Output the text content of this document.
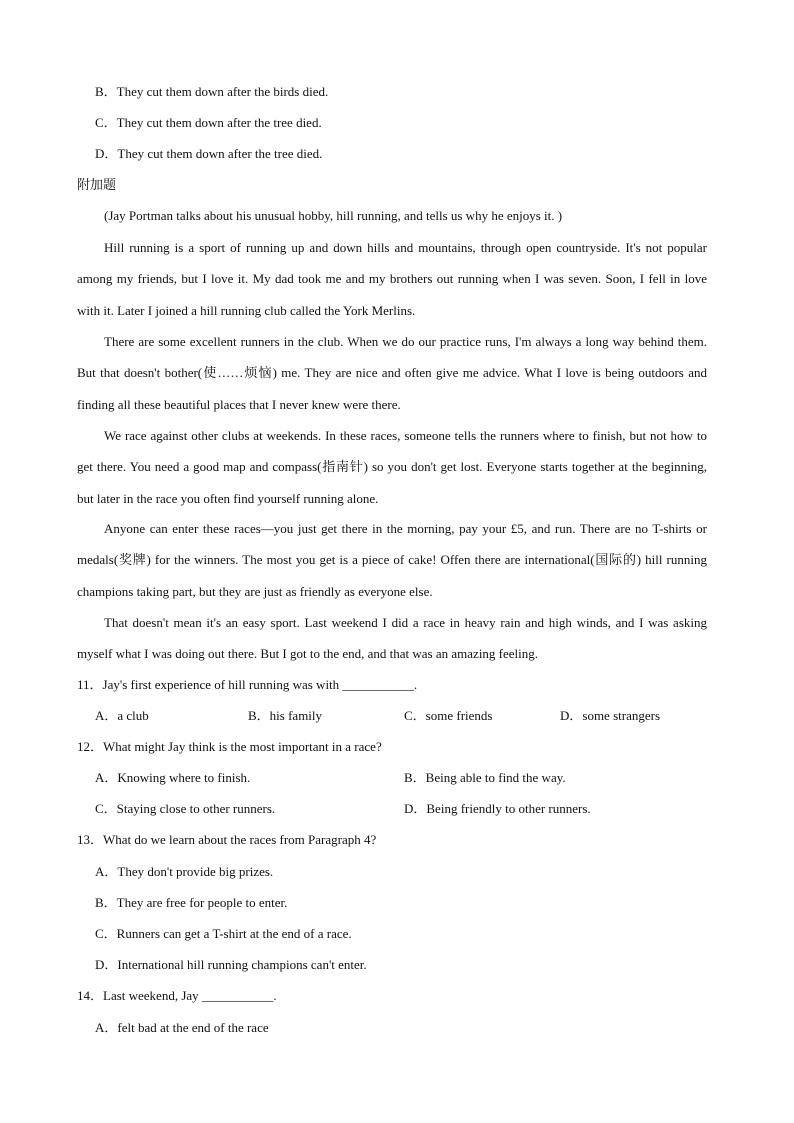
B．They cut them down after the birds died.
C．They cut them down after the tree died.
D．They cut them down after the tree died.
附加题
(Jay Portman talks about his unusual hobby, hill running, and tells us why he enjoys it. )
Hill running is a sport of running up and down hills and mountains, through open countryside. It's not popular among my friends, but I love it. My dad took me and my brothers out running when I was seven. Soon, I fell in love with it. Later I joined a hill running club called the York Merlins.
There are some excellent runners in the club. When we do our practice runs, I'm always a long way behind them. But that doesn't bother(使……烦恼) me. They are nice and often give me advice. What I love is being outdoors and finding all these beautiful places that I never knew were there.
We race against other clubs at weekends. In these races, someone tells the runners where to finish, but not how to get there. You need a good map and compass(指南针) so you don't get lost. Everyone starts together at the beginning, but later in the race you often find yourself running alone.
Anyone can enter these races—you just get there in the morning, pay your £5, and run. There are no T-shirts or medals(奖牌) for the winners. The most you get is a piece of cake! Offen there are international(国际的) hill running champions taking part, but they are just as friendly as everyone else.
That doesn't mean it's an easy sport. Last weekend I did a race in heavy rain and high winds, and I was asking myself what I was doing out there. But I got to the end, and that was an amazing feeling.
11．Jay's first experience of hill running was with ___________.
A．a club	B．his family	C．some friends	D．some strangers
12．What might Jay think is the most important in a race?
A．Knowing where to finish.	B．Being able to find the way.
C．Staying close to other runners.	D．Being friendly to other runners.
13．What do we learn about the races from Paragraph 4?
A．They don't provide big prizes.
B．They are free for people to enter.
C．Runners can get a T-shirt at the end of a race.
D．International hill running champions can't enter.
14．Last weekend, Jay ___________.
A．felt bad at the end of the race
